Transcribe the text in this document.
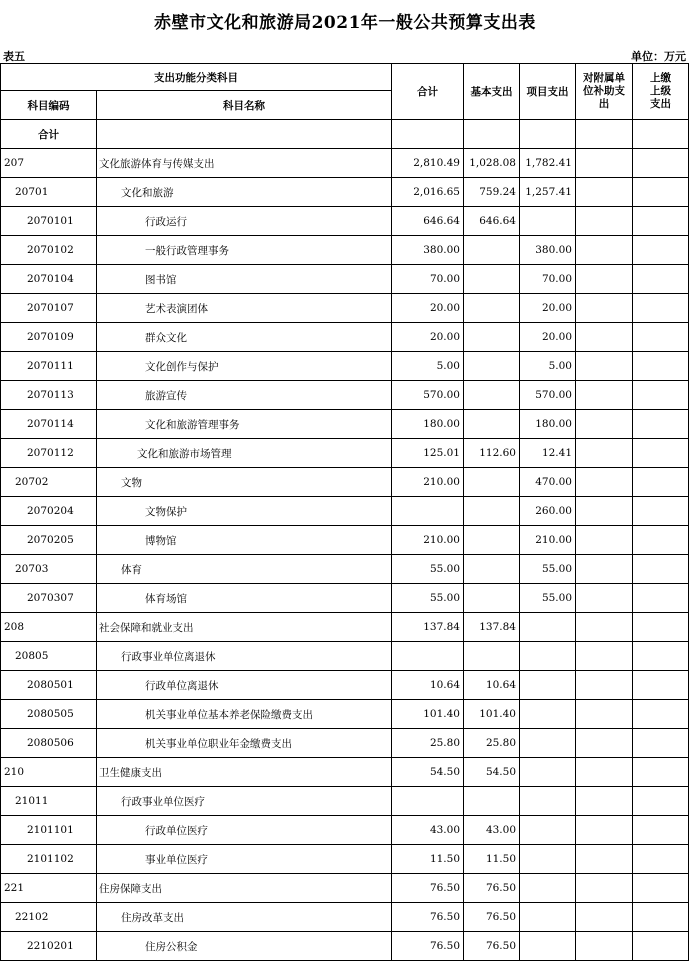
赤壁市文化和旅游局2021年一般公共预算支出表
表五	单位：万元
支出功能分类科目		合计	基本支出	项目支出	对附属单位补助支出	上缴上级支出
科目编码	科目名称					
合计						
207	文化旅游体育与传媒支出	2,810.49	1,028.08	1,782.41		
20701	文化和旅游	2,016.65	759.24	1,257.41		
2070101	行政运行	646.64	646.64			
2070102	一般行政管理事务	380.00		380.00		
2070104	图书馆	70.00		70.00		
2070107	艺术表演团体	20.00		20.00		
2070109	群众文化	20.00		20.00		
2070111	文化创作与保护	5.00		5.00		
2070113	旅游宣传	570.00		570.00		
2070114	文化和旅游管理事务	180.00		180.00		
2070112	文化和旅游市场管理	125.01	112.60	12.41		
20702	文物	210.00		470.00		
2070204	文物保护			260.00		
2070205	博物馆	210.00		210.00		
20703	体育	55.00		55.00		
2070307	体育场馆	55.00		55.00		
208	社会保障和就业支出	137.84	137.84			
20805	行政事业单位离退休					
2080501	行政单位离退休	10.64	10.64			
2080505	机关事业单位基本养老保险缴费支出	101.40	101.40			
2080506	机关事业单位职业年金缴费支出	25.80	25.80			
210	卫生健康支出	54.50	54.50			
21011	行政事业单位医疗					
2101101	行政单位医疗	43.00	43.00			
2101102	事业单位医疗	11.50	11.50			
221	住房保障支出	76.50	76.50			
22102	住房改革支出	76.50	76.50			
2210201	住房公积金	76.50	76.50			
